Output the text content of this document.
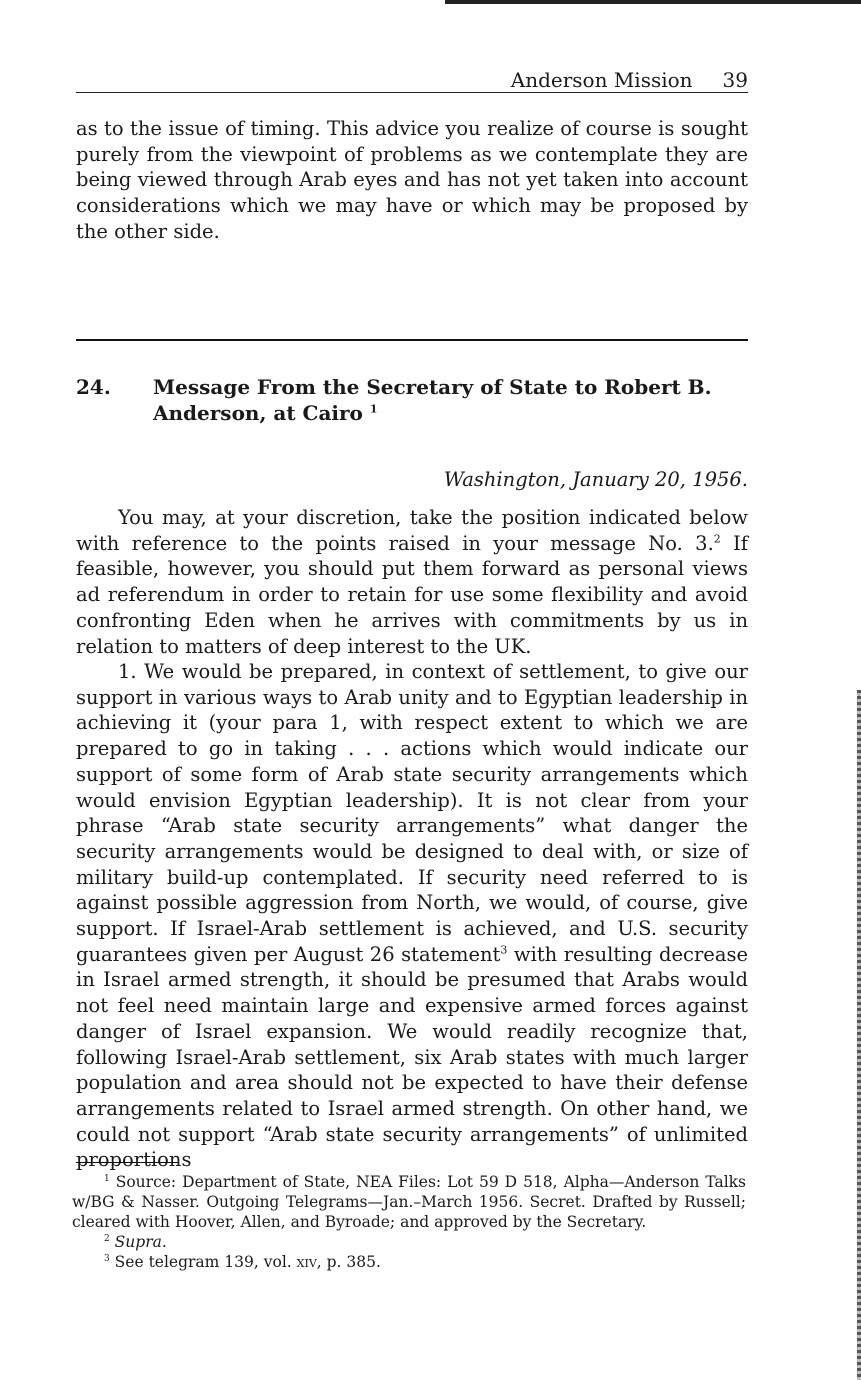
Anderson Mission 39

as to the issue of timing. This advice you realize of course is sought purely from the viewpoint of problems as we contemplate they are being viewed through Arab eyes and has not yet taken into account considerations which we may have or which may be proposed by the other side.

24. Message From the Secretary of State to Robert B. Anderson, at Cairo $^1$

Washington, January 20, 1956.

You may, at your discretion, take the position indicated below with reference to the points raised in your message No. 3.$^2$ If feasible, however, you should put them forward as personal views ad referendum in order to retain for use some flexibility and avoid confronting Eden when he arrives with commitments by us in relation to matters of deep interest to the UK.

1. We would be prepared, in context of settlement, to give our support in various ways to Arab unity and to Egyptian leadership in achieving it (your para 1, with respect extent to which we are prepared to go in taking . . . actions which would indicate our support of some form of Arab state security arrangements which would envision Egyptian leadership). It is not clear from your phrase “Arab state security arrangements” what danger the security arrangements would be designed to deal with, or size of military build-up contemplated. If security need referred to is against possible aggression from North, we would, of course, give support. If Israel-Arab settlement is achieved, and U.S. security guarantees given per August 26 statement$^3$ with resulting decrease in Israel armed strength, it should be presumed that Arabs would not feel need maintain large and expensive armed forces against danger of Israel expansion. We would readily recognize that, following Israel-Arab settlement, six Arab states with much larger population and area should not be expected to have their defense arrangements related to Israel armed strength. On other hand, we could not support “Arab state security arrangements” of unlimited proportions

$^1$ Source: Department of State, NEA Files: Lot 59 D 518, Alpha—Anderson Talks w/BG & Nasser. Outgoing Telegrams—Jan.–March 1956. Secret. Drafted by Russell; cleared with Hoover, Allen, and Byroade; and approved by the Secretary.

$^2$ Supra.

$^3$ See telegram 139, vol. xiv, p. 385.
